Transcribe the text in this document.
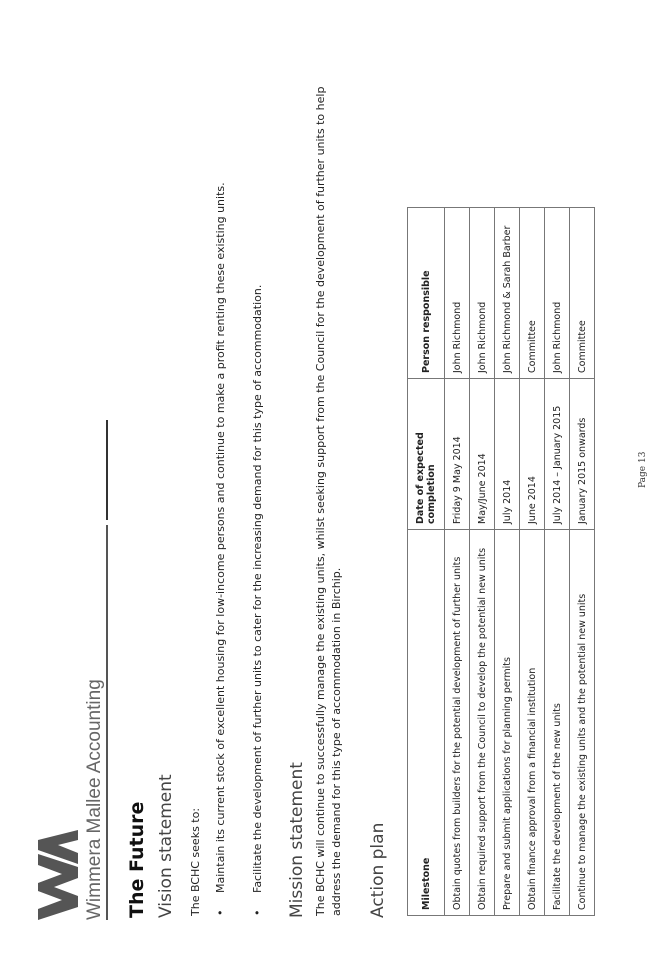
Wimmera Mallee Accounting The Future Vision statement The BCHC seeks to: • Maintain its current stock of excellent housing for low-income persons and continue to make a profit renting these existing units.	• Facilitate the development of further units to cater for the increasing demand for this type of accommodation.	Mission statement The BCHC will continue to successfully manage the existing units, whilst seeking support from the Council for the development of further units to help address the demand for this type of accommodation in Birchip. Action plan	Milestone	Date of expected completion	Person responsible
Obtain quotes from builders for the potential development of further units	Friday 9 May 2014	John Richmond
Obtain required support from the Council to develop the potential new units	May/June 2014	John Richmond
Prepare and submit applications for planning permits	July 2014	John Richmond & Sarah Barber
Obtain finance approval from a financial institution	June 2014	Committee
Facilitate the development of the new units	July 2014 – January 2015	John Richmond
Continue to manage the existing units and the potential new units	January 2015 onwards	Committee
Page 13
